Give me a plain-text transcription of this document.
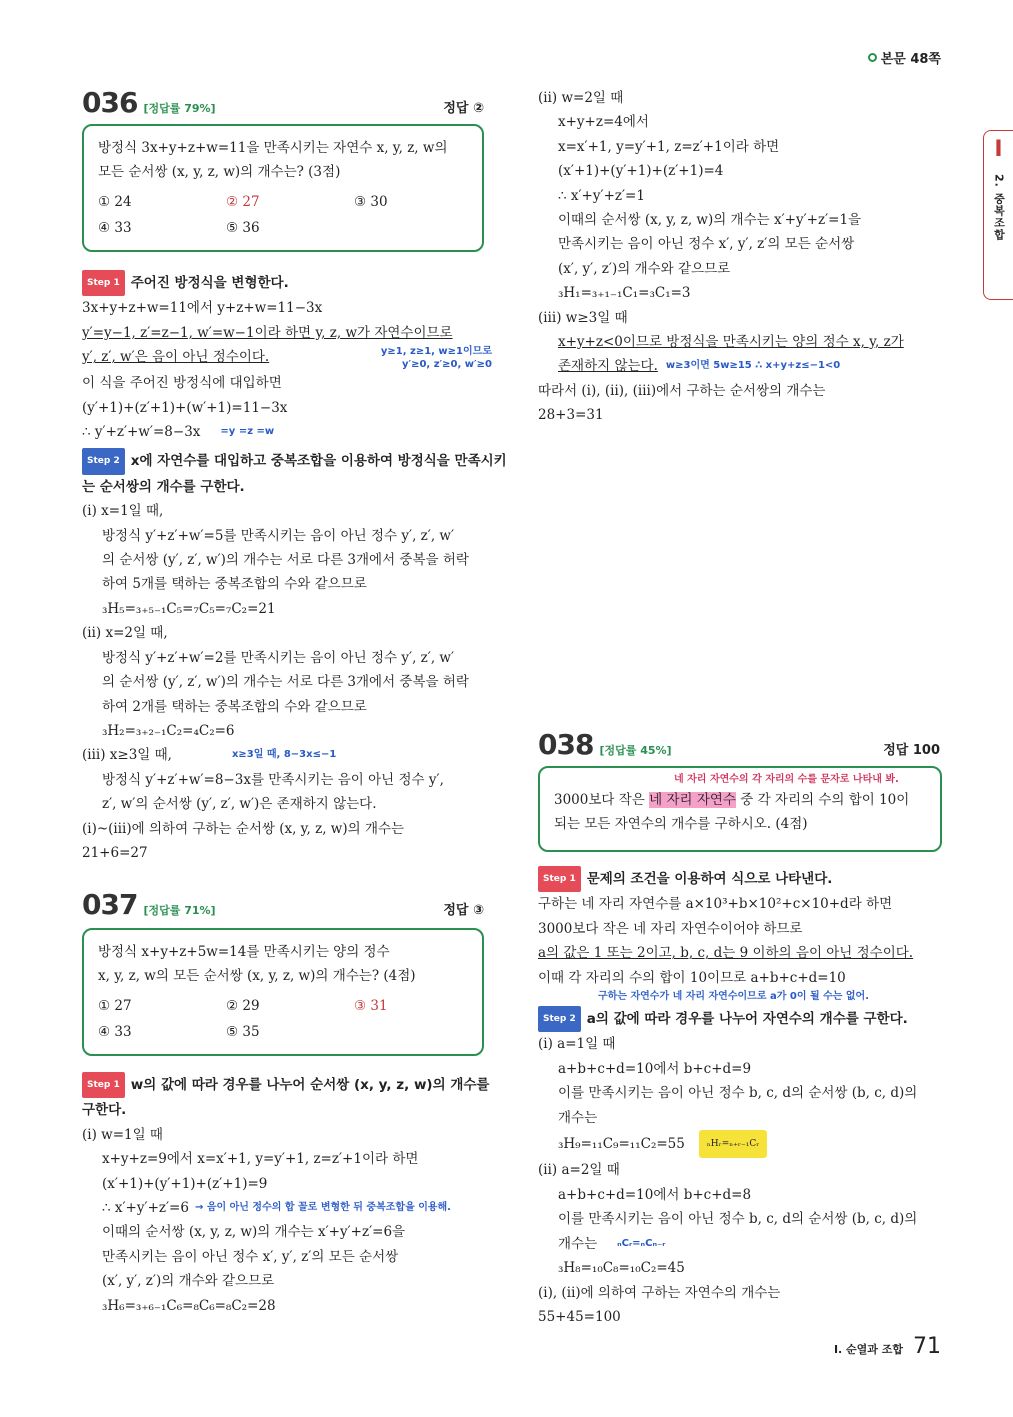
본문 48쪽
I
2. 중복조합
036 [정답률 79%]	정답 ②
방정식 3x+y+z+w=11을 만족시키는 자연수 x, y, z, w의
모든 순서쌍 (x, y, z, w)의 개수는? (3점)
① 24	② 27	③ 30
④ 33	⑤ 36
Step 1 주어진 방정식을 변형한다.
3x+y+z+w=11에서 y+z+w=11−3x
y′=y−1, z′=z−1, w′=w−1이라 하면 y, z, w가 자연수이므로
y′, z′, w′은 음이 아닌 정수이다.	y≥1, z≥1, w≥1이므로
y′≥0, z′≥0, w′≥0
이 식을 주어진 방정식에 대입하면
(y′+1)+(z′+1)+(w′+1)=11−3x
∴ y′+z′+w′=8−3x =y =z =w
Step 2 x에 자연수를 대입하고 중복조합을 이용하여 방정식을 만족시키
는 순서쌍의 개수를 구한다.
(ⅰ) x=1일 때,
방정식 y′+z′+w′=5를 만족시키는 음이 아닌 정수 y′, z′, w′
의 순서쌍 (y′, z′, w′)의 개수는 서로 다른 3개에서 중복을 허락
하여 5개를 택하는 중복조합의 수와 같으므로
₃H₅=₃₊₅₋₁C₅=₇C₅=₇C₂=21
(ⅱ) x=2일 때,
방정식 y′+z′+w′=2를 만족시키는 음이 아닌 정수 y′, z′, w′
의 순서쌍 (y′, z′, w′)의 개수는 서로 다른 3개에서 중복을 허락
하여 2개를 택하는 중복조합의 수와 같으므로
₃H₂=₃₊₂₋₁C₂=₄C₂=6
(ⅲ) x≥3일 때,	x≥3일 때, 8−3x≤−1
방정식 y′+z′+w′=8−3x를 만족시키는 음이 아닌 정수 y′,
z′, w′의 순서쌍 (y′, z′, w′)은 존재하지 않는다.
(ⅰ)~(ⅲ)에 의하여 구하는 순서쌍 (x, y, z, w)의 개수는
21+6=27
037 [정답률 71%]	정답 ③
방정식 x+y+z+5w=14를 만족시키는 양의 정수
x, y, z, w의 모든 순서쌍 (x, y, z, w)의 개수는? (4점)
① 27	② 29	③ 31
④ 33	⑤ 35
Step 1 w의 값에 따라 경우를 나누어 순서쌍 (x, y, z, w)의 개수를
구한다.
(ⅰ) w=1일 때
x+y+z=9에서 x=x′+1, y=y′+1, z=z′+1이라 하면
(x′+1)+(y′+1)+(z′+1)=9
∴ x′+y′+z′=6 → 음이 아닌 정수의 합 꼴로 변형한 뒤 중복조합을 이용해.
이때의 순서쌍 (x, y, z, w)의 개수는 x′+y′+z′=6을
만족시키는 음이 아닌 정수 x′, y′, z′의 모든 순서쌍
(x′, y′, z′)의 개수와 같으므로
₃H₆=₃₊₆₋₁C₆=₈C₆=₈C₂=28
(ⅱ) w=2일 때
x+y+z=4에서
x=x′+1, y=y′+1, z=z′+1이라 하면
(x′+1)+(y′+1)+(z′+1)=4
∴ x′+y′+z′=1
이때의 순서쌍 (x, y, z, w)의 개수는 x′+y′+z′=1을
만족시키는 음이 아닌 정수 x′, y′, z′의 모든 순서쌍
(x′, y′, z′)의 개수와 같으므로
₃H₁=₃₊₁₋₁C₁=₃C₁=3
(ⅲ) w≥3일 때
x+y+z<0이므로 방정식을 만족시키는 양의 정수 x, y, z가
존재하지 않는다. w≥3이면 5w≥15 ∴ x+y+z≤−1<0
따라서 (ⅰ), (ⅱ), (ⅲ)에서 구하는 순서쌍의 개수는
28+3=31
038 [정답률 45%]	정답 100
네 자리 자연수의 각 자리의 수를 문자로 나타내 봐.
3000보다 작은 네 자리 자연수 중 각 자리의 수의 합이 10이
되는 모든 자연수의 개수를 구하시오. (4점)
Step 1 문제의 조건을 이용하여 식으로 나타낸다.
구하는 네 자리 자연수를 a×10³+b×10²+c×10+d라 하면
3000보다 작은 네 자리 자연수이어야 하므로
a의 값은 1 또는 2이고, b, c, d는 9 이하의 음이 아닌 정수이다.
이때 각 자리의 수의 합이 10이므로 a+b+c+d=10
구하는 자연수가 네 자리 자연수이므로 a가 0이 될 수는 없어.
Step 2 a의 값에 따라 경우를 나누어 자연수의 개수를 구한다.
(ⅰ) a=1일 때
a+b+c+d=10에서 b+c+d=9
이를 만족시키는 음이 아닌 정수 b, c, d의 순서쌍 (b, c, d)의
개수는
₃H₉=₁₁C₉=₁₁C₂=55	ₙHᵣ=ₙ₊ᵣ₋₁Cᵣ
(ⅱ) a=2일 때
a+b+c+d=10에서 b+c+d=8
이를 만족시키는 음이 아닌 정수 b, c, d의 순서쌍 (b, c, d)의
개수는 ₙCᵣ=ₙCₙ₋ᵣ
₃H₈=₁₀C₈=₁₀C₂=45
(ⅰ), (ⅱ)에 의하여 구하는 자연수의 개수는
55+45=100
Ⅰ. 순열과 조합 71
